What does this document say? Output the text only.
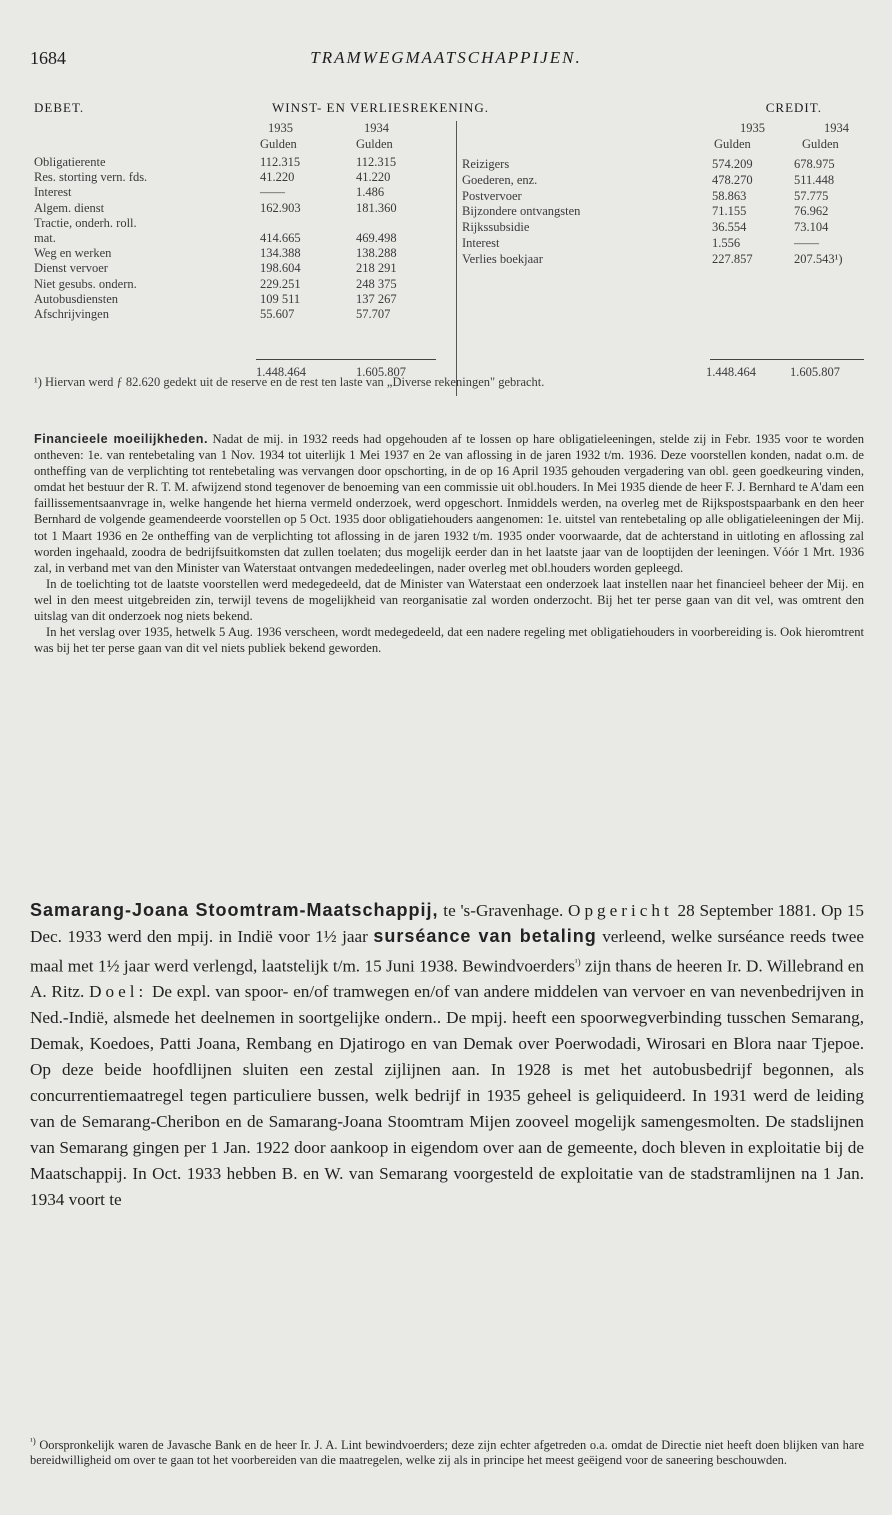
1684	TRAMWEGMAATSCHAPPIJEN.
DEBET.	WINST- EN VERLIESREKENING.	CREDIT.
1935	1934
Gulden	Gulden
1935	1934
Gulden	Gulden
Obligatierente	112.315	112.315
Res. storting vern. fds.	41.220	41.220
Interest	——	1.486
Algem. dienst	162.903	181.360
Tractie, onderh. roll.
mat.	414.665	469.498
Weg en werken	134.388	138.288
Dienst vervoer	198.604	218 291
Niet gesubs. ondern.	229.251	248 375
Autobusdiensten	109 511	137 267
Afschrijvingen	55.607	57.707
Reizigers	574.209	678.975
Goederen, enz.	478.270	511.448
Postvervoer	58.863	57.775
Bijzondere ontvangsten	71.155	76.962
Rijkssubsidie	36.554	73.104
Interest	1.556	——
Verlies boekjaar	227.857	207.543¹)
1.448.464	1.605.807	1.448.464	1.605.807
¹) Hiervan werd ƒ 82.620 gedekt uit de reserve en de rest ten laste van „Diverse rekeningen" gebracht.

Financieele moeilijkheden. Nadat de mij. in 1932 reeds had opgehouden af te lossen op hare obligatieleeningen, stelde zij in Febr. 1935 voor te worden ontheven: 1e. van rentebetaling van 1 Nov. 1934 tot uiterlijk 1 Mei 1937 en 2e van aflossing in de jaren 1932 t/m. 1936. Deze voorstellen konden, nadat o.m. de ontheffing van de verplichting tot rentebetaling was vervangen door opschorting, in de op 16 April 1935 gehouden vergadering van obl. geen goedkeuring vinden, omdat het bestuur der R. T. M. afwijzend stond tegenover de benoeming van een commissie uit obl.houders. In Mei 1935 diende de heer F. J. Bernhard te A'dam een faillissementsaanvrage in, welke hangende het hierna vermeld onderzoek, werd opgeschort. Inmiddels werden, na overleg met de Rijkspostspaarbank en den heer Bernhard de volgende geamendeerde voorstellen op 5 Oct. 1935 door obligatiehouders aangenomen: 1e. uitstel van rentebetaling op alle obligatieleeningen der Mij. tot 1 Maart 1936 en 2e ontheffing van de verplichting tot aflossing in de jaren 1932 t/m. 1935 onder voorwaarde, dat de achterstand in uitloting en aflossing zal worden ingehaald, zoodra de bedrijfsuitkomsten dat zullen toelaten; dus mogelijk eerder dan in het laatste jaar van de looptijden der leeningen. Vóór 1 Mrt. 1936 zal, in verband met van den Minister van Waterstaat ontvangen mededeelingen, nader overleg met obl.houders worden gepleegd.

In de toelichting tot de laatste voorstellen werd medegedeeld, dat de Minister van Waterstaat een onderzoek laat instellen naar het financieel beheer der Mij. en wel in den meest uitgebreiden zin, terwijl tevens de mogelijkheid van reorganisatie zal worden onderzocht. Bij het ter perse gaan van dit vel, was omtrent den uitslag van dit onderzoek nog niets bekend.

In het verslag over 1935, hetwelk 5 Aug. 1936 verscheen, wordt medegedeeld, dat een nadere regeling met obligatiehouders in voorbereiding is. Ook hieromtrent was bij het ter perse gaan van dit vel niets publiek bekend geworden.

Samarang-Joana Stoomtram-Maatschappij, te 's-Gravenhage. Opgericht 28 September 1881. Op 15 Dec. 1933 werd den mpij. in Indië voor 1½ jaar surséance van betaling verleend, welke surséance reeds twee maal met 1½ jaar werd verlengd, laatstelijk t/m. 15 Juni 1938. Bewindvoerders$^{^1)}$ zijn thans de heeren Ir. D. Willebrand en A. Ritz. Doel: De expl. van spoor- en/of tramwegen en/of van andere middelen van vervoer en van nevenbedrijven in Ned.-Indië, alsmede het deelnemen in soortgelijke ondern.. De mpij. heeft een spoorwegverbinding tusschen Semarang, Demak, Koedoes, Patti Joana, Rembang en Djatirogo en van Demak over Poerwodadi, Wirosari en Blora naar Tjepoe. Op deze beide hoofdlijnen sluiten een zestal zijlijnen aan. In 1928 is met het autobusbedrijf begonnen, als concurrentiemaatregel tegen particuliere bussen, welk bedrijf in 1935 geheel is geliquideerd. In 1931 werd de leiding van de Semarang-Cheribon en de Samarang-Joana Stoomtram Mijen zooveel mogelijk samengesmolten. De stadslijnen van Semarang gingen per 1 Jan. 1922 door aankoop in eigendom over aan de gemeente, doch bleven in exploitatie bij de Maatschappij. In Oct. 1933 hebben B. en W. van Semarang voorgesteld de exploitatie van de stadstramlijnen na 1 Jan. 1934 voort te

$^{^1)}$ Oorspronkelijk waren de Javasche Bank en de heer Ir. J. A. Lint bewindvoerders; deze zijn echter afgetreden o.a. omdat de Directie niet heeft doen blijken van hare bereidwilligheid om over te gaan tot het voorbereiden van die maatregelen, welke zij als in principe het meest geëigend voor de saneering beschouwden.
